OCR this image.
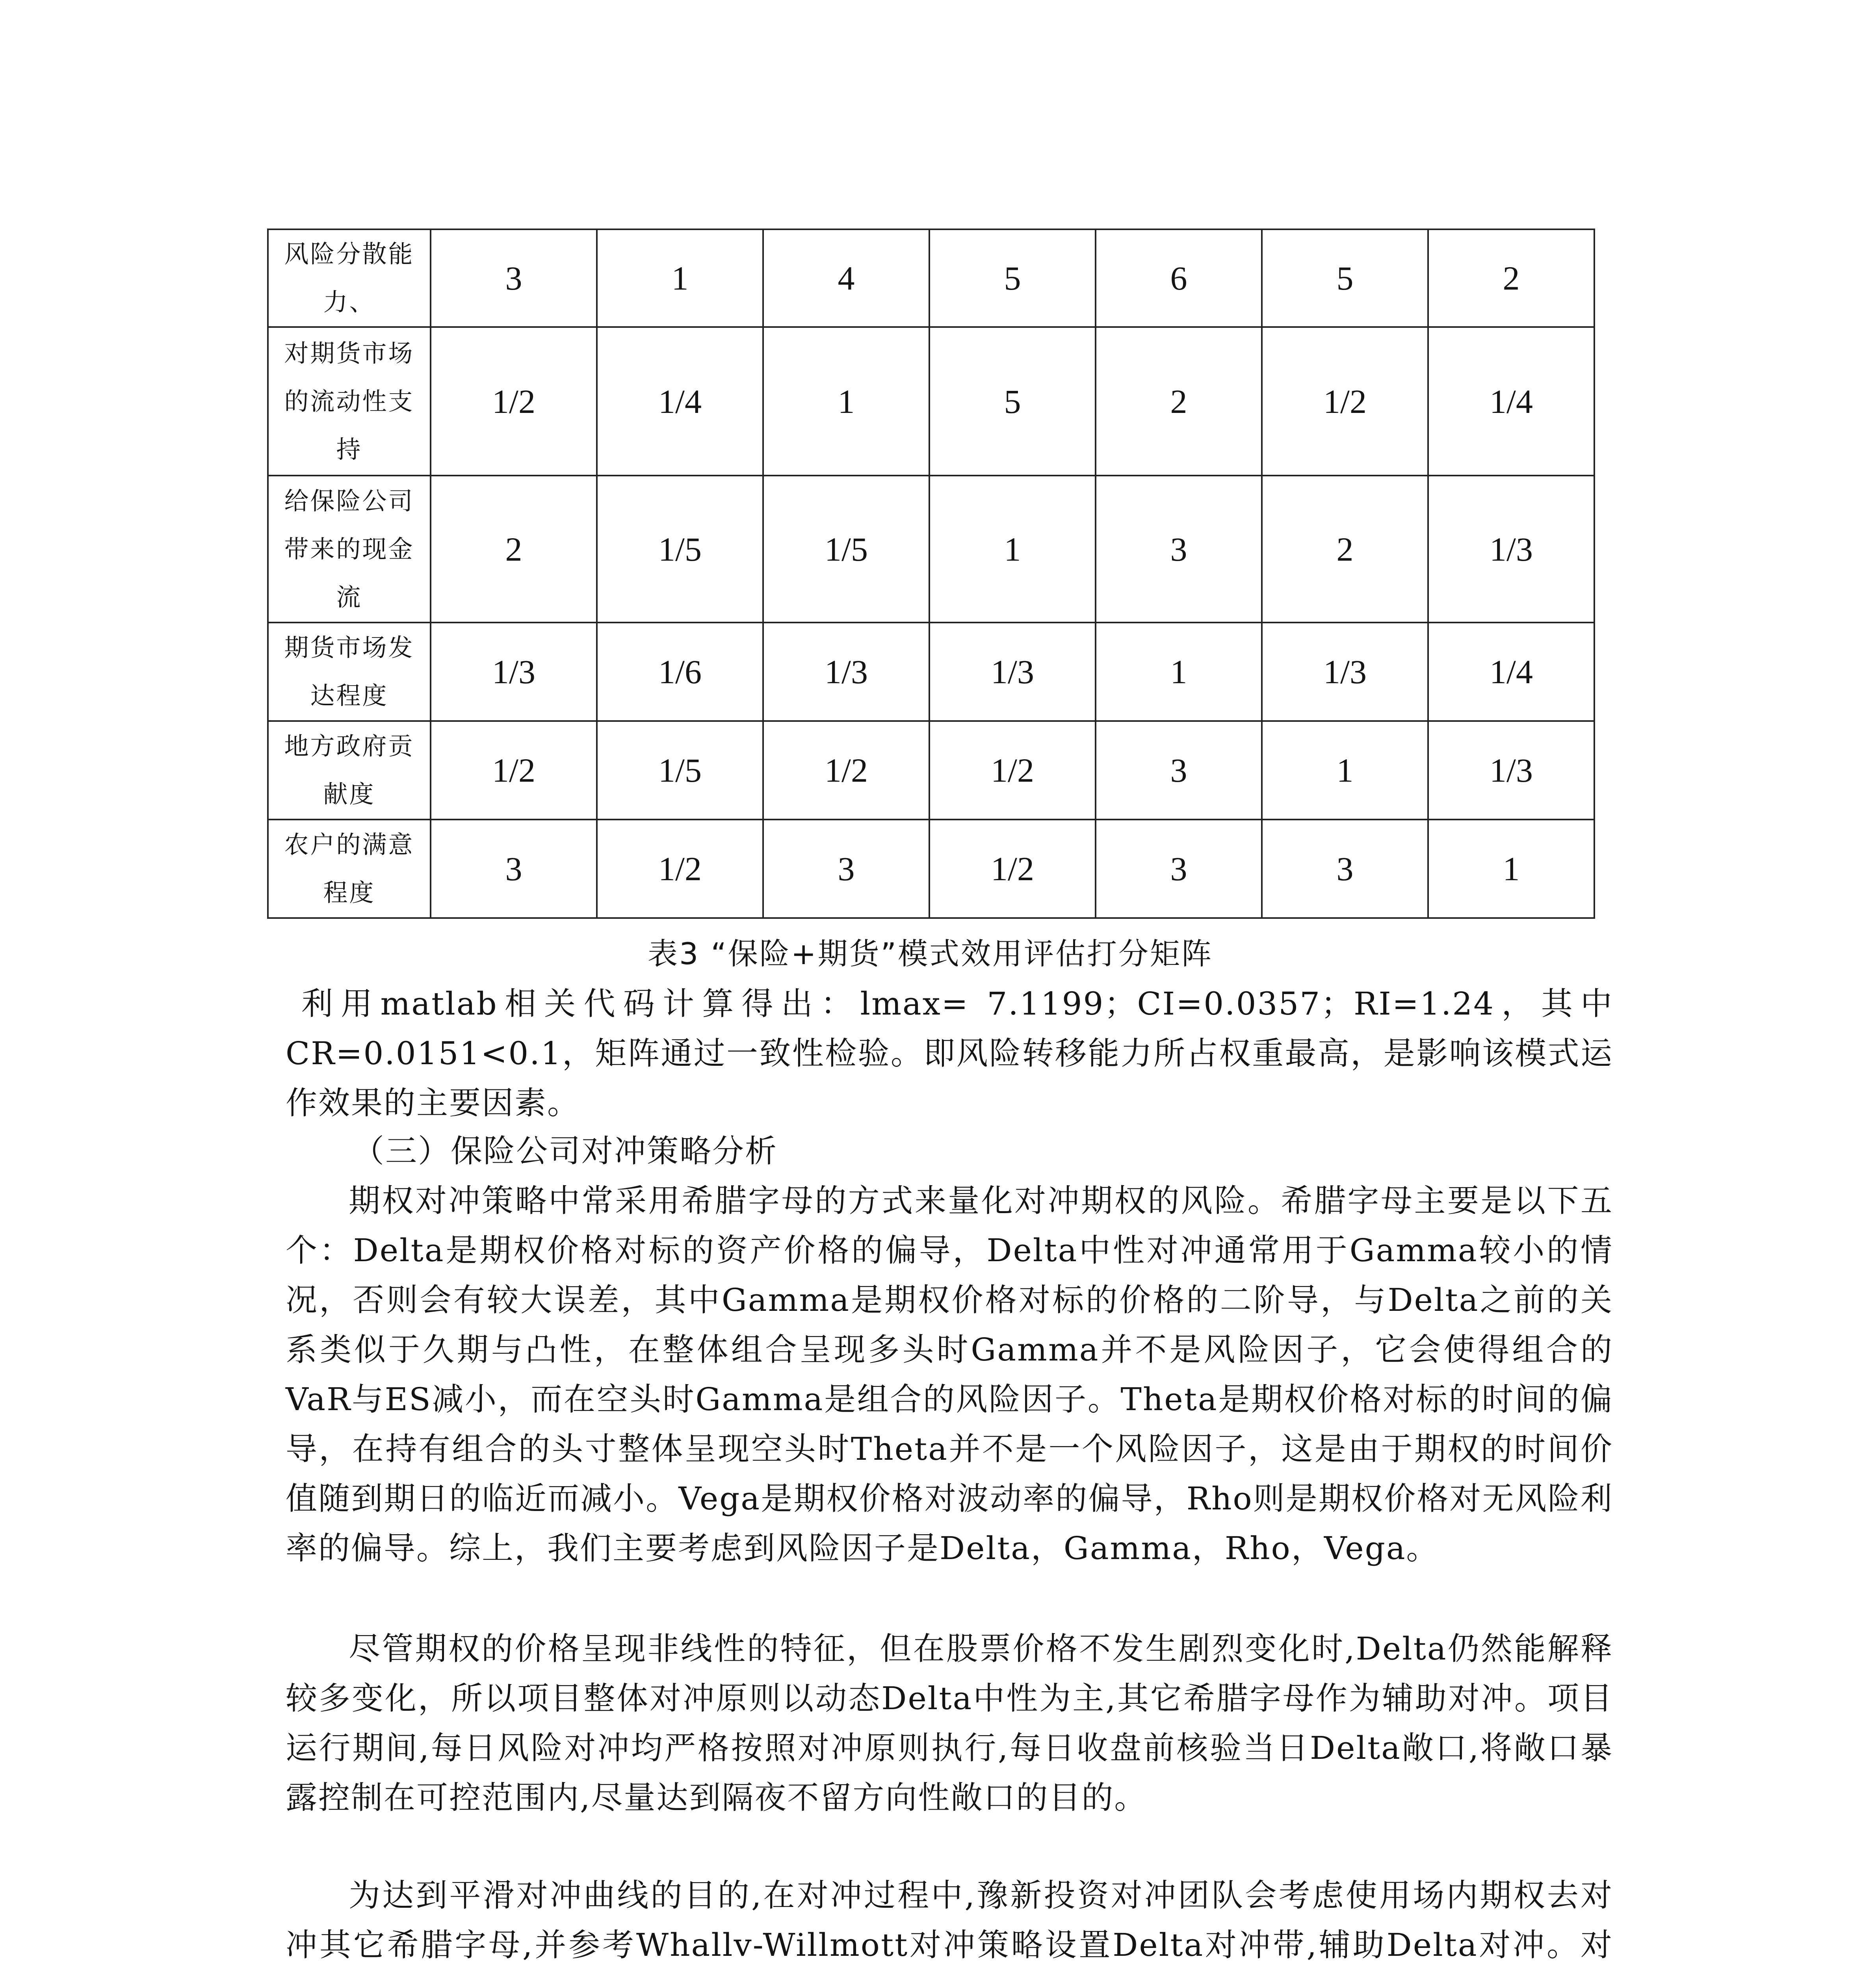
风险分散能力、	3	1	4	5	6	5	2
对期货市场的流动性支持	1/2	1/4	1	5	2	1/2	1/4
给保险公司带来的现金流	2	1/5	1/5	1	3	2	1/3
期货市场发达程度	1/3	1/6	1/3	1/3	1	1/3	1/4
地方政府贡献度	1/2	1/5	1/2	1/2	3	1	1/3
农户的满意程度	3	1/2	3	1/2	3	3	1
表3 “保险+期货”模式效用评估打分矩阵

利用matlab相关代码计算得出：lmax= 7.1199；CI=0.0357；RI=1.24，其中CR=0.0151<0.1，矩阵通过一致性检验。即风险转移能力所占权重最高，是影响该模式运作效果的主要因素。

（三）保险公司对冲策略分析

期权对冲策略中常采用希腊字母的方式来量化对冲期权的风险。希腊字母主要是以下五个：Delta是期权价格对标的资产价格的偏导，Delta中性对冲通常用于Gamma较小的情况，否则会有较大误差，其中Gamma是期权价格对标的价格的二阶导，与Delta之前的关系类似于久期与凸性，在整体组合呈现多头时Gamma并不是风险因子，它会使得组合的VaR与ES减小，而在空头时Gamma是组合的风险因子。Theta是期权价格对标的时间的偏导，在持有组合的头寸整体呈现空头时Theta并不是一个风险因子，这是由于期权的时间价值随到期日的临近而减小。Vega是期权价格对波动率的偏导，Rho则是期权价格对无风险利率的偏导。综上，我们主要考虑到风险因子是Delta，Gamma，Rho，Vega。

尽管期权的价格呈现非线性的特征，但在股票价格不发生剧烈变化时,Delta仍然能解释较多变化，所以项目整体对冲原则以动态Delta中性为主,其它希腊字母作为辅助对冲。项目运行期间,每日风险对冲均严格按照对冲原则执行,每日收盘前核验当日Delta敞口,将敞口暴露控制在可控范围内,尽量达到隔夜不留方向性敞口的目的。

为达到平滑对冲曲线的目的,在对冲过程中,豫新投资对冲团队会考虑使用场内期权去对冲其它希腊字母,并参考Whallv-Willmott对冲策略设置Delta对冲带,辅助Delta对冲。对
